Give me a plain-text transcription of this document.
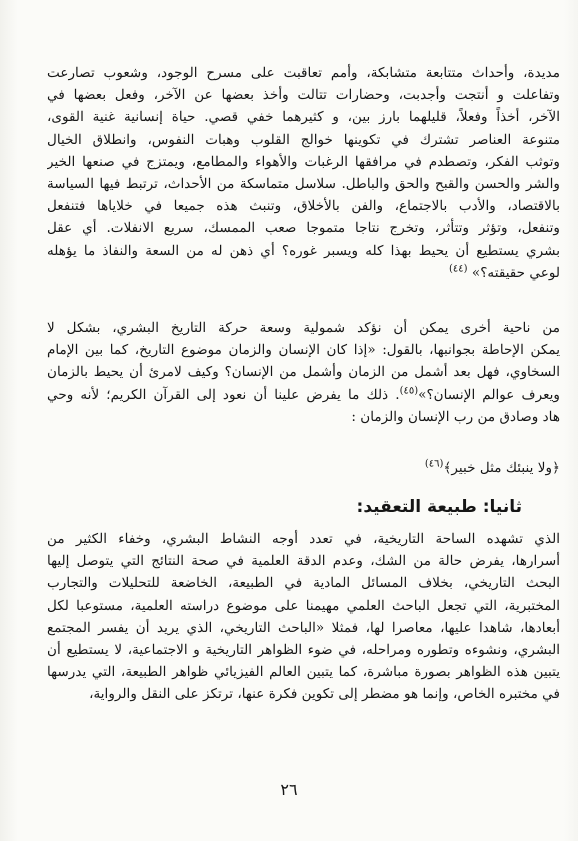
مديدة، وأحداث متتابعة متشابكة، وأمم تعاقبت على مسرح الوجود، وشعوب تصارعت
وتفاعلت و أنتجت وأجدبت، وحضارات تتالت وأخذ بعضها عن الآخر، وفعل بعضها في
الآخر، أخذاً وفعلاً، قليلهما بارز بين، و كثيرهما خفي قصي. حياة إنسانية غنية القوى،
متنوعة العناصر تشترك في تكوينها خوالج القلوب وهبات النفوس، وانطلاق الخيال
وتوثب الفكر، وتصطدم في مرافقها الرغبات والأهواء والمطامع، ويمتزج في صنعها الخير
والشر والحسن والقبح والحق والباطل. سلاسل متماسكة من الأحداث، ترتبط فيها السياسة
بالاقتصاد، والأدب بالاجتماع، والفن بالأخلاق، وتنبث هذه جميعا في خلاياها فتنفعل
وتنفعل، وتؤثر وتتأثر، وتخرج نتاجا متموجا صعب الممسك، سريع الانفلات. أي عقل
بشري يستطيع أن يحيط بهذا كله ويسبر غوره؟ أي ذهن له من السعة والنفاذ ما يؤهله
لوعي حقيقته؟» $^{(٤٤)}$
من ناحية أخرى يمكن أن نؤكد شمولية وسعة حركة التاريخ البشري، بشكل لا
يمكن الإحاطة بجوانبها، بالقول: «إذا كان الإنسان والزمان موضوع التاريخ، كما بين الإمام
السخاوي، فهل بعد أشمل من الزمان وأشمل من الإنسان؟ وكيف لامرئ أن يحيط بالزمان
ويعرف عوالم الإنسان؟»$^{(٤٥)}$. ذلك ما يفرض علينا أن نعود إلى القرآن الكريم؛ لأنه وحي
هاد وصادق من رب الإنسان والزمان :
﴿ولا ينبئك مثل خبير﴾$^{(٤٦)}$
ثانيا: طبيعة التعقيد:
الذي تشهده الساحة التاريخية، في تعدد أوجه النشاط البشري، وخفاء الكثير من
أسرارها، يفرض حالة من الشك، وعدم الدقة العلمية في صحة النتائج التي يتوصل إليها
البحث التاريخي، بخلاف المسائل المادية في الطبيعة، الخاضعة للتحليلات والتجارب
المختبرية، التي تجعل الباحث العلمي مهيمنا على موضوع دراسته العلمية، مستوعبا لكل
أبعادها، شاهدا عليها، معاصرا لها، فمثلا «الباحث التاريخي، الذي يريد أن يفسر المجتمع
البشري، ونشوءه وتطوره ومراحله، في ضوء الظواهر التاريخية و الاجتماعية، لا يستطيع أن
يتبين هذه الظواهر بصورة مباشرة، كما يتبين العالم الفيزيائي ظواهر الطبيعة، التي يدرسها
في مختبره الخاص، وإنما هو مضطر إلى تكوين فكرة عنها، ترتكز على النقل والرواية،
٢٦
